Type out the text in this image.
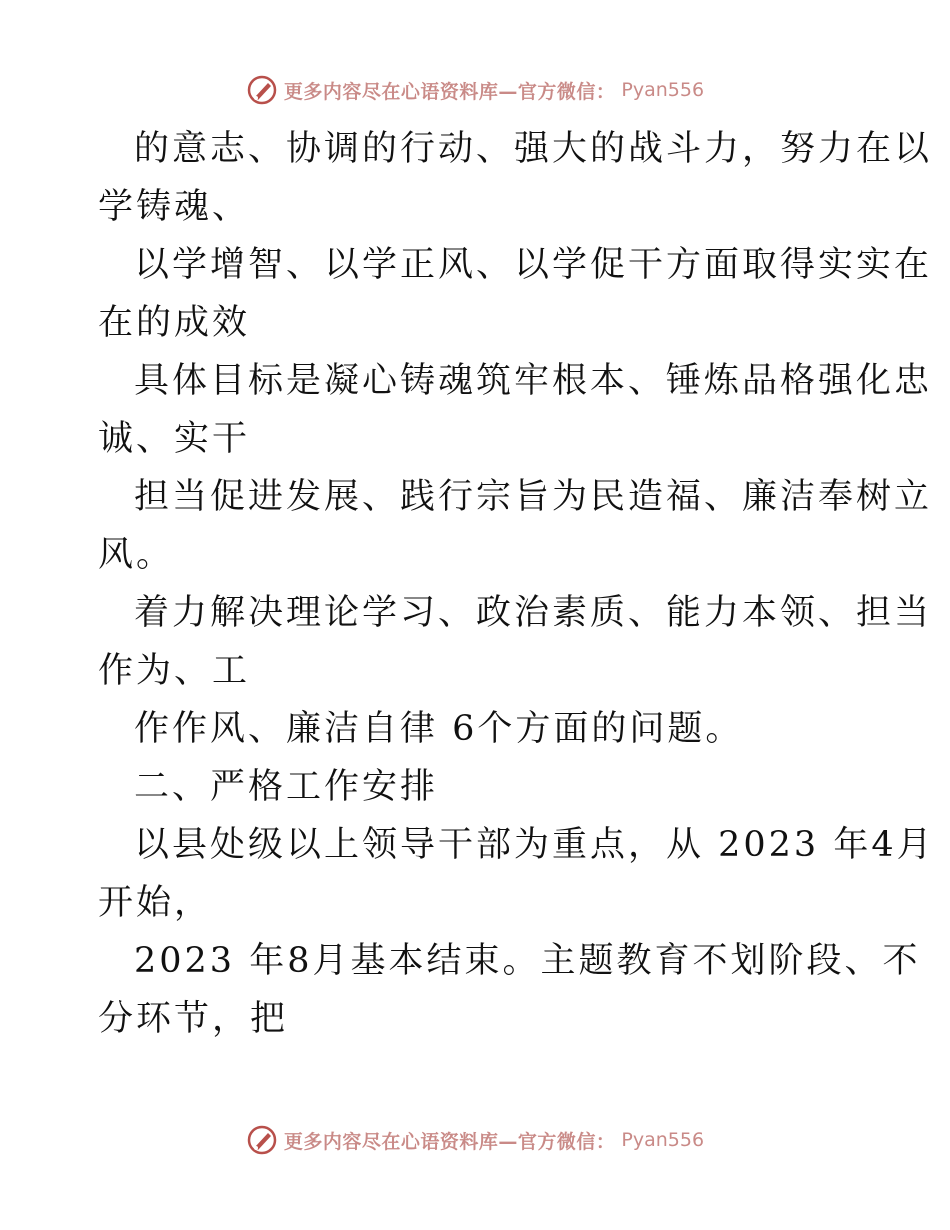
更多内容尽在心语资料库—官方微信： Pyan556
的意志、协调的行动、强大的战斗力，努力在以
学铸魂、
以学增智、以学正风、以学促干方面取得实实在
在的成效
具体目标是凝心铸魂筑牢根本、锤炼品格强化忠
诚、实干
担当促进发展、践行宗旨为民造福、廉洁奉树立
风。
着力解决理论学习、政治素质、能力本领、担当
作为、工
作作风、廉洁自律 6个方面的问题。
二、严格工作安排
以县处级以上领导干部为重点，从 2023 年4月
开始，
2023 年8月基本结束。主题教育不划阶段、不
分环节，把
更多内容尽在心语资料库—官方微信： Pyan556
